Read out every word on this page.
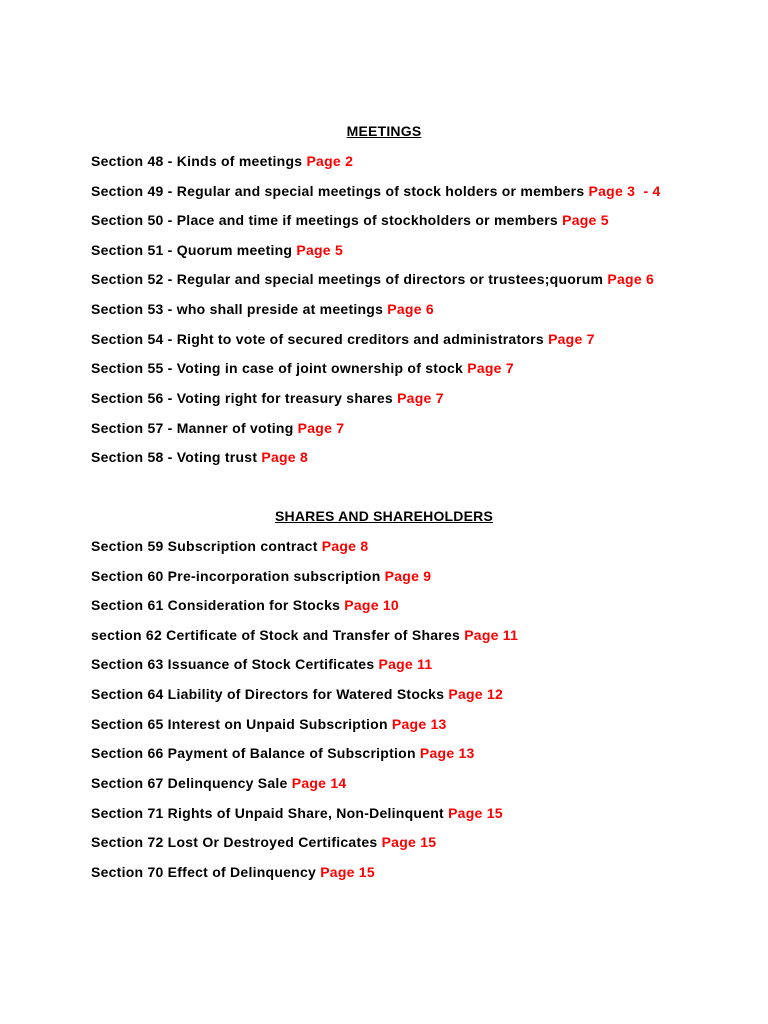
MEETINGS
Section 48 - Kinds of meetings Page 2
Section 49 - Regular and special meetings of stock holders or members Page 3  - 4
Section 50 - Place and time if meetings of stockholders or members Page 5
Section 51 - Quorum meeting Page 5
Section 52 - Regular and special meetings of directors or trustees;quorum Page 6
Section 53 - who shall preside at meetings Page 6
Section 54 - Right to vote of secured creditors and administrators Page 7
Section 55 - Voting in case of joint ownership of stock Page 7
Section 56 - Voting right for treasury shares Page 7
Section 57 - Manner of voting Page 7
Section 58 - Voting trust Page 8
SHARES AND SHAREHOLDERS
Section 59 Subscription contract Page 8
Section 60 Pre-incorporation subscription Page 9
Section 61 Consideration for Stocks Page 10
section 62 Certificate of Stock and Transfer of Shares Page 11
Section 63 Issuance of Stock Certificates Page 11
Section 64 Liability of Directors for Watered Stocks Page 12
Section 65 Interest on Unpaid Subscription Page 13
Section 66 Payment of Balance of Subscription Page 13
Section 67 Delinquency Sale Page 14
Section 71 Rights of Unpaid Share, Non-Delinquent Page 15
Section 72 Lost Or Destroyed Certificates Page 15
Section 70 Effect of Delinquency Page 15
